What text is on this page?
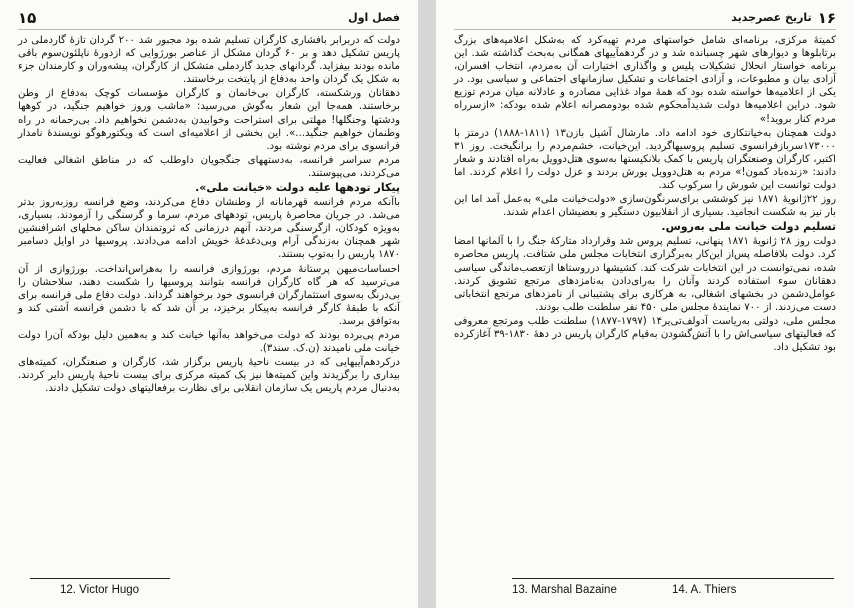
فصل اول
۱۵

دولت که دربرابر بافشاری کارگران تسلیم شده بود مجبور شد ۲۰۰ گردان تازهٔ گاردملی در پاریس تشکیل دهد و بر ۶۰ گردان مشکل از عناصر بورژوایی که ازدورهٔ ناپلئون‌سوم باقی مانده بودند بیفزاید. گردانهای جدید گاردملی متشکل از کارگران، پیشه‌وران و کارمندان جزء به شکل یک گردان واحد به‌دفاع از پایتخت برخاستند.

دهقانان ورشکسته، کارگران بی‌خانمان و کارگران مؤسسات کوچک به‌دفاع از وطن برخاستند. همه‌جا این شعار به‌گوش می‌رسید: «ماشب وروز خواهیم جنگید، در کوهها ودشتها وجنگلها! مهلتی برای استراحت وخوابیدن به‌دشمن نخواهیم داد. بی‌رحمانه در راه وطنمان خواهیم جنگید...». این بخشی از اعلامیه‌ای است که ویکتورهوگو نویسندهٔ نامدار فرانسوی برای مردم نوشته بود.

مردم سراسر فرانسه، به‌دستههای جنگجویان داوطلب که در مناطق اشغالی فعالیت می‌کردند، می‌پیوستند.

پیکار تودهها علیه دولت «خیانت ملی».

باآنکه مردم فرانسه قهرمانانه از وطنشان دفاع می‌کردند، وضع فرانسه روزبه‌روز بدتر می‌شد. در جریان محاصرهٔ پاریس، تودههای مردم، سرما و گرسنگی را آزمودند. بسیاری، به‌ویژه کودکان، ازگرسنگی مردند، آنهم درزمانی که ثروتمندان ساکن محلهای اشرافنشین شهر همچنان به‌زندگی آرام وبی‌دغدغهٔ خویش ادامه می‌دادند. پروسیها در اوایل دسامبر ۱۸۷۰ پاریس را به‌توپ بستند.

احساسات‌میهن پرستانهٔ مردم، بورژوازی فرانسه را به‌هراس‌انداخت. بورژوازی از آن می‌ترسید که هر گاه کارگران فرانسه بتوانند پروسیها را شکست دهند، سلاحشان را بی‌درنگ به‌سوی استثمارگران فرانسوی خود برخواهند گرداند. دولت دفاع ملی فرانسه برای آنکه با طبقهٔ کارگر فرانسه به‌پیکار برخیزد، بر آن شد که با دشمن فرانسه آشتی کند و به‌توافق برسد.

مردم پی‌برده بودند که دولت می‌خواهد به‌آنها خیانت کند و به‌همین دلیل بودکه آن‌را دولت خیانت ملی نامیدند (ن.ک. سند۳).

درکردهم‌آییهایی که در بیست ناحیهٔ پاریس برگزار شد، کارگران و صنعتگران، کمیته‌های بیداری را برگزیدند واین کمیته‌ها نیز یک کمیته مرکزی برای بیست ناحیهٔ پاریس دایر کردند. به‌دنبال مردم پاریس یک سازمان انقلابی برای نظارت برفعالیتهای دولت تشکیل دادند.

12. Victor Hugo
۱۶
تاریخ عصرجدید

کمیتهٔ مرکزی، برنامه‌ای شامل خواستهای مردم تهیه‌کرد که به‌شکل اعلامیه‌های بزرگ برتابلوها و دیوارهای شهر چسبانده شد و در گردهمآییهای همگانی به‌بحث گذاشته شد. این برنامه خواستار انحلال تشکیلات پلیس و واگذاری اختیارات آن به‌مردم، انتخاب افسران، آزادی بیان و مطبوعات، و آزادی اجتماعات و تشکیل سازمانهای اجتماعی و سیاسی بود. در یکی از اعلامیه‌ها خواسته شده بود که همهٔ مواد غذایی مصادره و عادلانه میان مردم توزیع شود. دراین اعلامیه‌ها دولت شدیداًمحکوم شده بودومصرانه اعلام شده بودکه: «ازسرراه مردم کنار بروید!»

دولت همچنان به‌خیانتکاری خود ادامه داد. مارشال آشیل بازن۱۳ (۱۸۱۱-۱۸۸۸) درمتز با ۱۷۳۰۰۰سربازفرانسوی تسلیم پروسیهاگردید. این‌خیانت، خشم‌مردم را برانگیخت. روز ۳۱ اکتبر، کارگران وصنعتگران پاریس با کمک بلانکیستها به‌سوی هتل‌دوویل به‌راه افتادند و شعار دادند: «زنده‌باد کمون!» مردم به هتل‌دوویل یورش بردند و عزل دولت را اعلام کردند. اما دولت توانست این شورش را سرکوب کند.

روز ۲۲ژانویهٔ ۱۸۷۱ نیز کوششی برای‌سرنگون‌سازی «دولت‌خیانت ملی» به‌عمل آمد اما این بار نیز به شکست انجامید. بسیاری از انقلابیون دستگیر و بعضیشان اعدام شدند.

تسلیم دولت خیانت ملی به‌روس.

دولت روز ۲۸ ژانویهٔ ۱۸۷۱ پنهانی، تسلیم پروس شد وقرارداد متارکهٔ جنگ را با آلمانها امضا کرد. دولت بلافاصله پس‌از این‌کار به‌برگزاری انتخابات مجلس ملی شتافت. پاریس محاصره شده، نمی‌توانست در این انتخابات شرکت کند. کشیشها درروستاها ازتعصب‌ماندگی سیاسی دهقانان سوء استفاده کردند وآنان را به‌رای‌دادن به‌نامزدهای مرتجع تشویق کردند. عوامل‌دشمن در بخشهای اشغالی، به هرکاری برای پشتیبانی از نامزدهای مرتجع انتخاباتی دست می‌زدند. از ۷۰۰ نمایندهٔ مجلس ملی ۴۵۰ نفر سلطنت طلب بودند.

مجلس ملی، دولتی به‌ریاست آدولف‌تی‌یر۱۴ (۱۷۹۷-۱۸۷۷) سلطنت طلب ومرتجع معروفی که فعالیتهای سیاسی‌اش را با آتش‌گشودن به‌قیام کارگران پاریس در دههٔ ۱۸۳۰-۳۹ آغازکرده بود تشکیل داد.

13. Marshal Bazaine	14. A. Thiers
